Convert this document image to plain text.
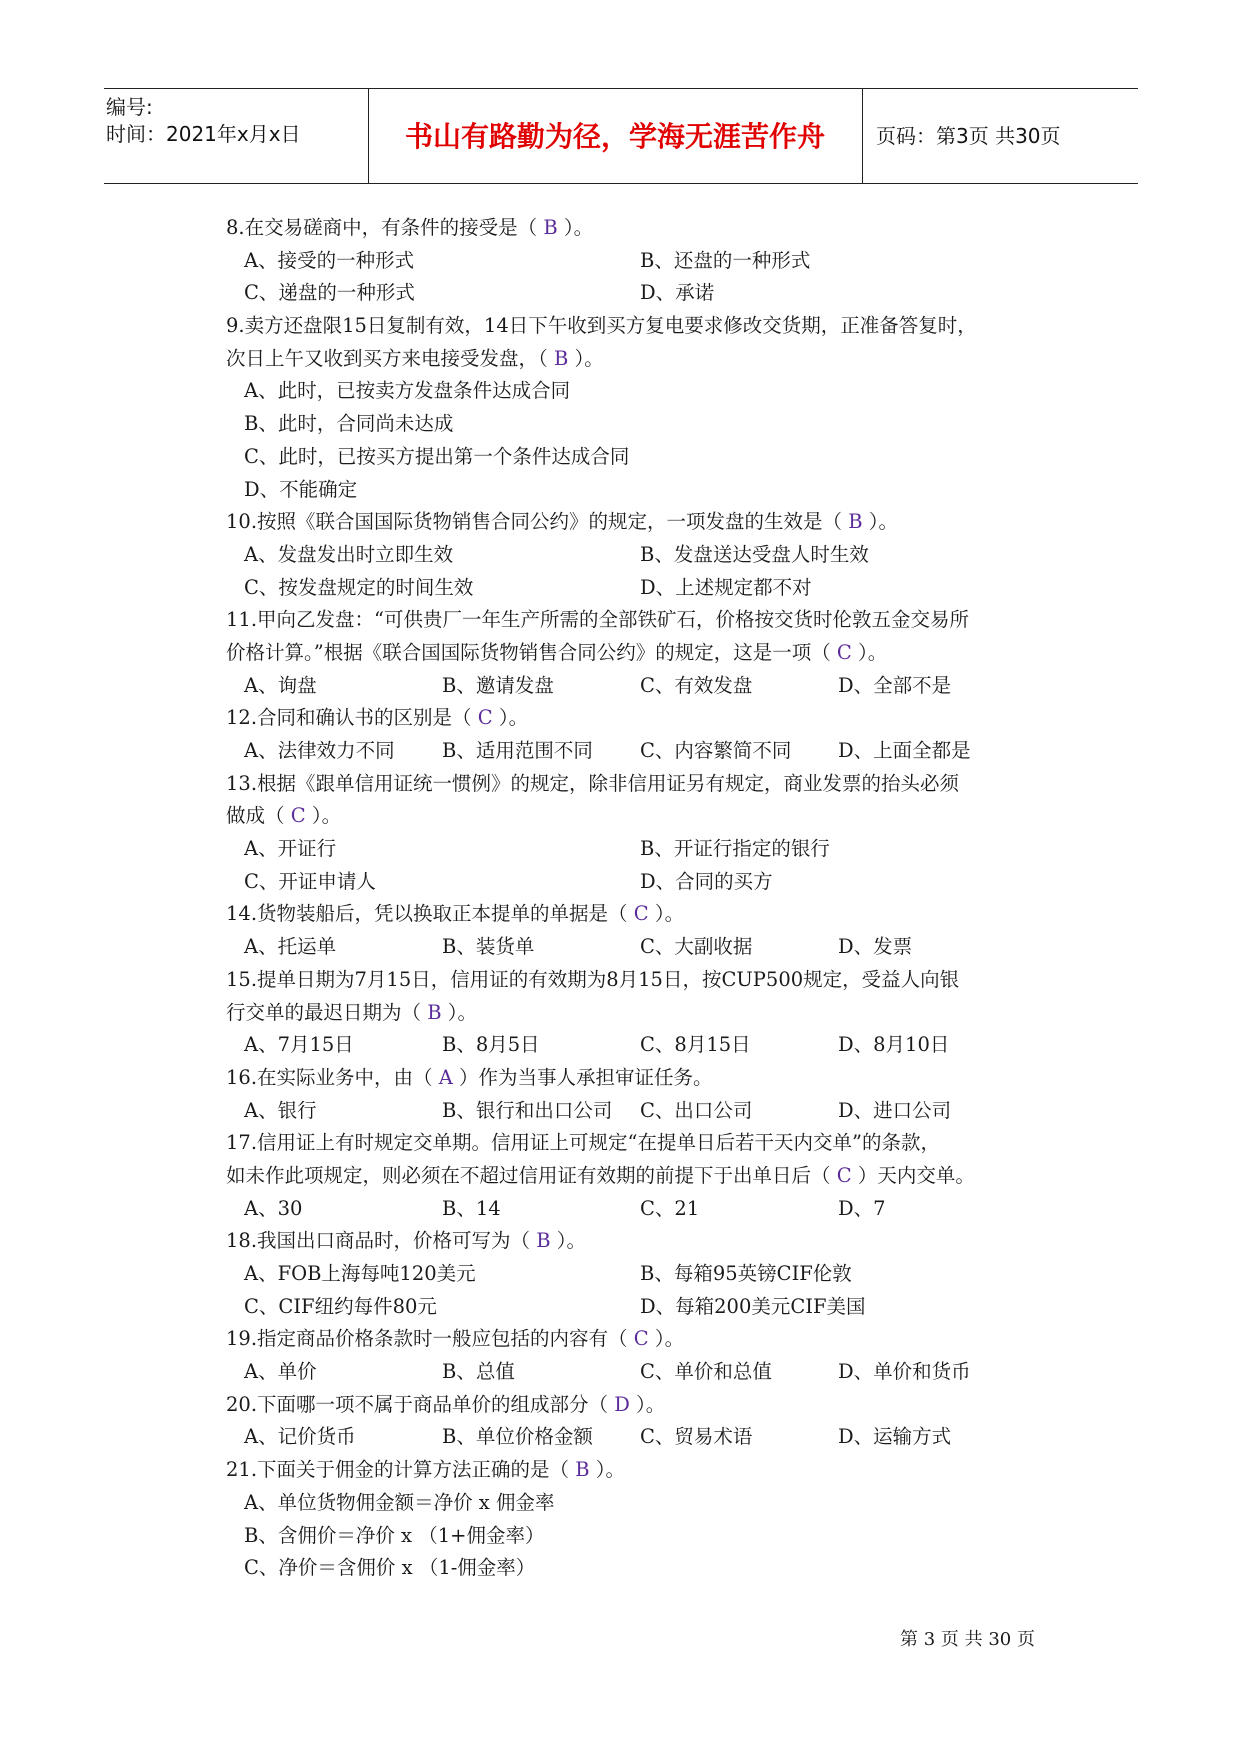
编号:
时间：2021年x月x日	书山有路勤为径，学海无涯苦作舟	页码：第3页 共30页
8.在交易磋商中，有条件的接受是（ B ）。
A、接受的一种形式	B、还盘的一种形式
C、递盘的一种形式	D、承诺
9.卖方还盘限15日复制有效，14日下午收到买方复电要求修改交货期，正准备答复时，
次日上午又收到买方来电接受发盘，（ B ）。
A、此时，已按卖方发盘条件达成合同
B、此时，合同尚未达成
C、此时，已按买方提出第一个条件达成合同
D、不能确定
10.按照《联合国国际货物销售合同公约》的规定，一项发盘的生效是（ B ）。
A、发盘发出时立即生效	B、发盘送达受盘人时生效
C、按发盘规定的时间生效	D、上述规定都不对
11.甲向乙发盘：“可供贵厂一年生产所需的全部铁矿石，价格按交货时伦敦五金交易所
价格计算。”根据《联合国国际货物销售合同公约》的规定，这是一项（ C ）。
A、询盘	B、邀请发盘	C、有效发盘	D、全部不是
12.合同和确认书的区别是（ C ）。
A、法律效力不同 B、适用范围不同 C、内容繁简不同 D、上面全都是
13.根据《跟单信用证统一惯例》的规定，除非信用证另有规定，商业发票的抬头必须
做成（ C ）。
A、开证行	B、开证行指定的银行
C、开证申请人	D、合同的买方
14.货物装船后，凭以换取正本提单的单据是（ C ）。
A、托运单	B、装货单	C、大副收据	D、发票
15.提单日期为7月15日，信用证的有效期为8月15日，按CUP500规定，受益人向银
行交单的最迟日期为（ B ）。
A、7月15日	B、8月5日	C、8月15日	D、8月10日
16.在实际业务中，由（ A ）作为当事人承担审证任务。
A、银行	B、银行和出口公司 C、出口公司	D、进口公司
17.信用证上有时规定交单期。信用证上可规定“在提单日后若干天内交单”的条款，
如未作此项规定，则必须在不超过信用证有效期的前提下于出单日后（ C ）天内交单。
A、30	B、14	C、21	D、7
18.我国出口商品时，价格可写为（ B ）。
A、FOB上海每吨120美元	B、每箱95英镑CIF伦敦
C、CIF纽约每件80元	D、每箱200美元CIF美国
19.指定商品价格条款时一般应包括的内容有（ C ）。
A、单价	B、总值	C、单价和总值	D、单价和货币
20.下面哪一项不属于商品单价的组成部分（ D ）。
A、记价货币	B、单位价格金额 C、贸易术语	D、运输方式
21.下面关于佣金的计算方法正确的是（ B ）。
A、单位货物佣金额＝净价 x 佣金率
B、含佣价＝净价 x （1+佣金率）
C、净价＝含佣价 x （1-佣金率）
第 3 页 共 30 页
